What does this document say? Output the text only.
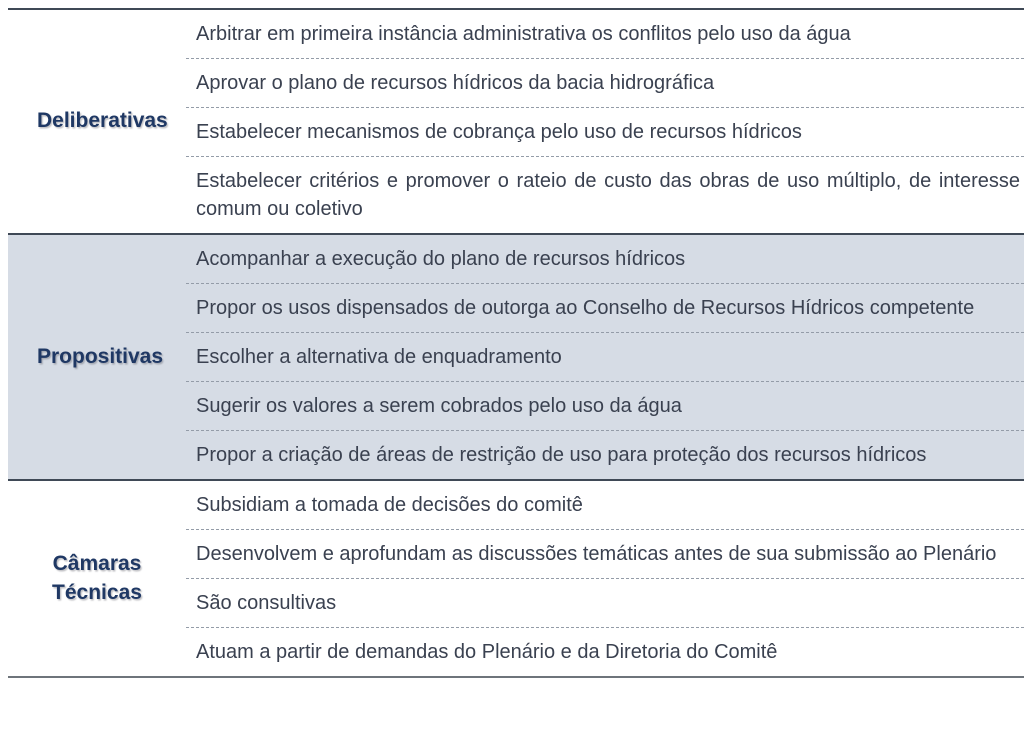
Deliberativas

Arbitrar em primeira instância administrativa os conflitos pelo uso da água

Aprovar o plano de recursos hídricos da bacia hidrográfica

Estabelecer mecanismos de cobrança pelo uso de recursos hídricos

Estabelecer critérios e promover o rateio de custo das obras de uso múltiplo, de interesse comum ou coletivo

Propositivas

Acompanhar a execução do plano de recursos hídricos

Propor os usos dispensados de outorga ao Conselho de Recursos Hídricos competente

Escolher a alternativa de enquadramento

Sugerir os valores a serem cobrados pelo uso da água

Propor a criação de áreas de restrição de uso para proteção dos recursos hídricos

Câmaras Técnicas

Subsidiam a tomada de decisões do comitê

Desenvolvem e aprofundam as discussões temáticas antes de sua submissão ao Plenário

São consultivas

Atuam a partir de demandas do Plenário e da Diretoria do Comitê
